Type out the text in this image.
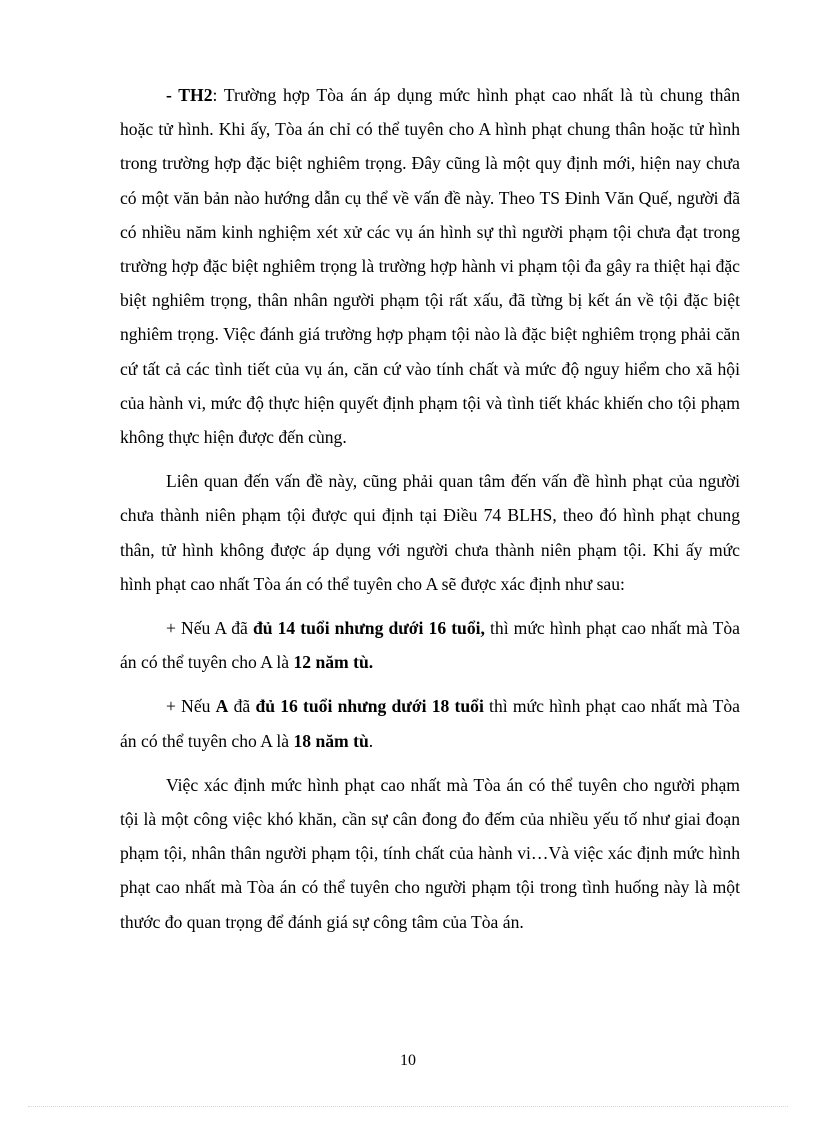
- TH2: Trường hợp Tòa án áp dụng mức hình phạt cao nhất là tù chung thân hoặc tử hình. Khi ấy, Tòa án chỉ có thể tuyên cho A hình phạt chung thân hoặc tử hình trong trường hợp đặc biệt nghiêm trọng. Đây cũng là một quy định mới, hiện nay chưa có một văn bản nào hướng dẫn cụ thể về vấn đề này. Theo TS Đinh Văn Quế, người đã có nhiều năm kinh nghiệm xét xử các vụ án hình sự thì người phạm tội chưa đạt trong trường hợp đặc biệt nghiêm trọng là trường hợp hành vi phạm tội đa gây ra thiệt hại đặc biệt nghiêm trọng, thân nhân người phạm tội rất xấu, đã từng bị kết án về tội đặc biệt nghiêm trọng. Việc đánh giá trường hợp phạm tội nào là đặc biệt nghiêm trọng phải căn cứ tất cả các tình tiết của vụ án, căn cứ vào tính chất và mức độ nguy hiểm cho xã hội của hành vi, mức độ thực hiện quyết định phạm tội và tình tiết khác khiến cho tội phạm không thực hiện được đến cùng.

Liên quan đến vấn đề này, cũng phải quan tâm đến vấn đề hình phạt của người chưa thành niên phạm tội được qui định tại Điều 74 BLHS, theo đó hình phạt chung thân, tử hình không được áp dụng với người chưa thành niên phạm tội. Khi ấy mức hình phạt cao nhất Tòa án có thể tuyên cho A sẽ được xác định như sau:

+ Nếu A đã đủ 14 tuổi nhưng dưới 16 tuổi, thì mức hình phạt cao nhất mà Tòa án có thể tuyên cho A là 12 năm tù.

+ Nếu A đã đủ 16 tuổi nhưng dưới 18 tuổi thì mức hình phạt cao nhất mà Tòa án có thể tuyên cho A là 18 năm tù.

Việc xác định mức hình phạt cao nhất mà Tòa án có thể tuyên cho người phạm tội là một công việc khó khăn, cần sự cân đong đo đếm của nhiều yếu tố như giai đoạn phạm tội, nhân thân người phạm tội, tính chất của hành vi…Và việc xác định mức hình phạt cao nhất mà Tòa án có thể tuyên cho người phạm tội trong tình huống này là một thước đo quan trọng để đánh giá sự công tâm của Tòa án.

10
